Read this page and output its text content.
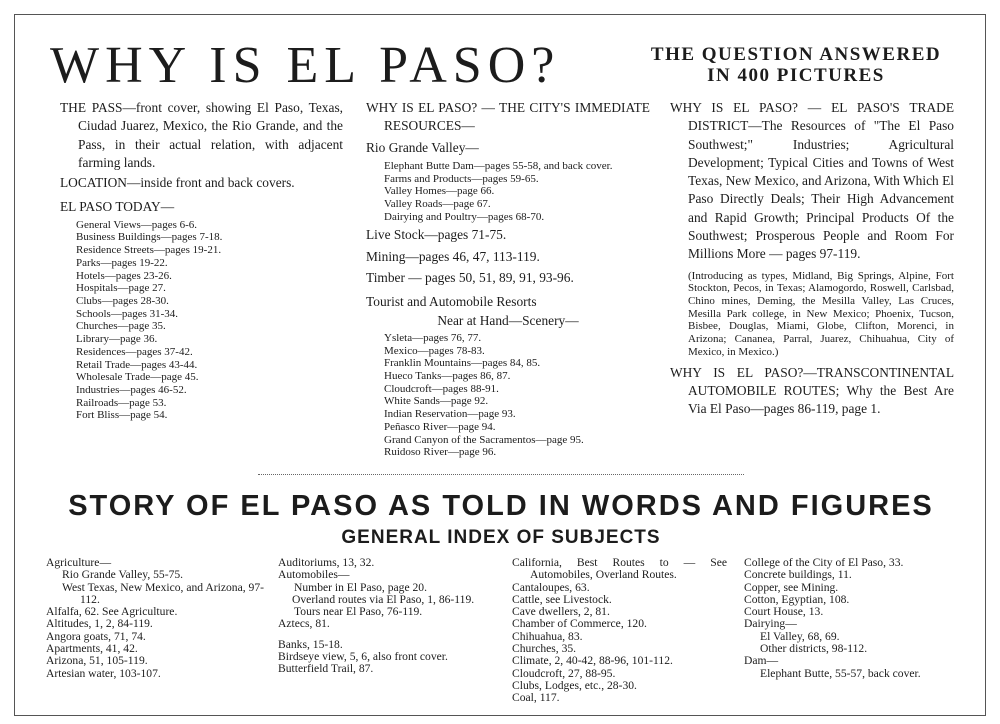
WHY IS EL PASO?	THE QUESTION ANSWERED
IN 400 PICTURES

THE PASS—front cover, showing El Paso, Texas, Ciudad Juarez, Mexico, the Rio Grande, and the Pass, in their actual relation, with adjacent farming lands.

LOCATION—inside front and back covers.

EL PASO TODAY—

General Views—pages 6-6.

Business Buildings—pages 7-18.

Residence Streets—pages 19-21.

Parks—pages 19-22.

Hotels—pages 23-26.

Hospitals—page 27.

Clubs—pages 28-30.

Schools—pages 31-34.

Churches—page 35.

Library—page 36.

Residences—pages 37-42.

Retail Trade—pages 43-44.

Wholesale Trade—page 45.

Industries—pages 46-52.

Railroads—page 53.

Fort Bliss—page 54.

WHY IS EL PASO? — THE CITY'S IMMEDIATE RESOURCES—

Rio Grande Valley—

Elephant Butte Dam—pages 55-58, and back cover.

Farms and Products—pages 59-65.

Valley Homes—page 66.

Valley Roads—page 67.

Dairying and Poultry—pages 68-70.

Live Stock—pages 71-75.

Mining—pages 46, 47, 113-119.

Timber — pages 50, 51, 89, 91, 93-96.

Tourist and Automobile Resorts

Near at Hand—Scenery—

Ysleta—pages 76, 77.

Mexico—pages 78-83.

Franklin Mountains—pages 84, 85.

Hueco Tanks—pages 86, 87.

Cloudcroft—pages 88-91.

White Sands—page 92.

Indian Reservation—page 93.

Peñasco River—page 94.

Grand Canyon of the Sacramentos—page 95.

Ruidoso River—page 96.

WHY IS EL PASO? — EL PASO'S TRADE DISTRICT—The Resources of "The El Paso Southwest;" Industries; Agricultural Development; Typical Cities and Towns of West Texas, New Mexico, and Arizona, With Which El Paso Directly Deals; Their High Advancement and Rapid Growth; Principal Products Of the Southwest; Prosperous People and Room For Millions More — pages 97-119.

(Introducing as types, Midland, Big Springs, Alpine, Fort Stockton, Pecos, in Texas; Alamogordo, Roswell, Carlsbad, Chino mines, Deming, the Mesilla Valley, Las Cruces, Mesilla Park college, in New Mexico; Phoenix, Tucson, Bisbee, Douglas, Miami, Globe, Clifton, Morenci, in Arizona; Cananea, Parral, Juarez, Chihuahua, City of Mexico, in Mexico.)

WHY IS EL PASO?—TRANSCONTINENTAL AUTOMOBILE ROUTES; Why the Best Are Via El Paso—pages 86-119, page 1.

STORY OF EL PASO AS TOLD IN WORDS AND FIGURES
GENERAL INDEX OF SUBJECTS

Agriculture—

Rio Grande Valley, 55-75.

West Texas, New Mexico, and Arizona, 97-112.

Alfalfa, 62. See Agriculture.

Altitudes, 1, 2, 84-119.

Angora goats, 71, 74.

Apartments, 41, 42.

Arizona, 51, 105-119.

Artesian water, 103-107.

Auditoriums, 13, 32.

Automobiles—

Number in El Paso, page 20.

Overland routes via El Paso, 1, 86-119.

Tours near El Paso, 76-119.

Aztecs, 81.

Banks, 15-18.

Birdseye view, 5, 6, also front cover.

Butterfield Trail, 87.

California, Best Routes to — See Automobiles, Overland Routes.

Cantaloupes, 63.

Cattle, see Livestock.

Cave dwellers, 2, 81.

Chamber of Commerce, 120.

Chihuahua, 83.

Churches, 35.

Climate, 2, 40-42, 88-96, 101-112.

Cloudcroft, 27, 88-95.

Clubs, Lodges, etc., 28-30.

Coal, 117.

College of the City of El Paso, 33.

Concrete buildings, 11.

Copper, see Mining.

Cotton, Egyptian, 108.

Court House, 13.

Dairying—

El Valley, 68, 69.

Other districts, 98-112.

Dam—

Elephant Butte, 55-57, back cover.
